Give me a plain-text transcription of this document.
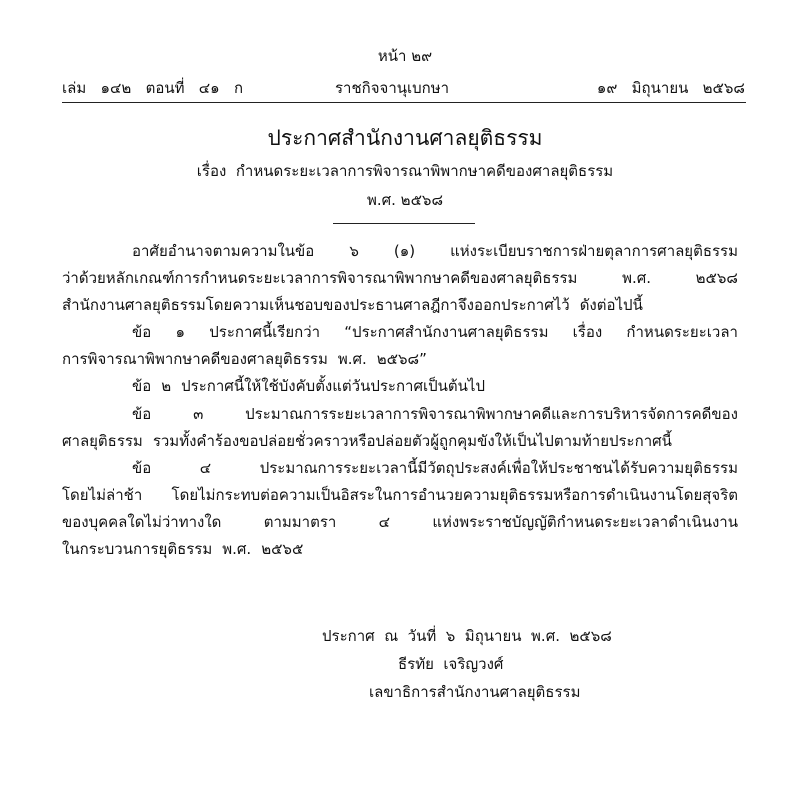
หน้า ๒๙
เล่ม   ๑๔๒   ตอนที่   ๔๑   ก	ราชกิจจานุเบกษา	๑๙   มิถุนายน   ๒๕๖๘
ประกาศสำนักงานศาลยุติธรรม
เรื่อง  กำหนดระยะเวลาการพิจารณาพิพากษาคดีของศาลยุติธรรม
พ.ศ. ๒๕๖๘
อาศัยอำนาจตามความในข้อ ๖ (๑) แห่งระเบียบราชการฝ่ายตุลาการศาลยุติธรรม
ว่าด้วยหลักเกณฑ์การกำหนดระยะเวลาการพิจารณาพิพากษาคดีของศาลยุติธรรม	พ.ศ.	๒๕๖๘
สำนักงานศาลยุติธรรมโดยความเห็นชอบของประธานศาลฎีกาจึงออกประกาศไว้ ดังต่อไปนี้
ข้อ ๑ ประกาศนี้เรียกว่า “ประกาศสำนักงานศาลยุติธรรม เรื่อง กำหนดระยะเวลา
การพิจารณาพิพากษาคดีของศาลยุติธรรม พ.ศ. ๒๕๖๘”
ข้อ ๒ ประกาศนี้ให้ใช้บังคับตั้งแต่วันประกาศเป็นต้นไป
ข้อ	๓	ประมาณการระยะเวลาการพิจารณาพิพากษาคดีและการบริหารจัดการคดีของ
ศาลยุติธรรม รวมทั้งคำร้องขอปล่อยชั่วคราวหรือปล่อยตัวผู้ถูกคุมขังให้เป็นไปตามท้ายประกาศนี้
ข้อ	๔	ประมาณการระยะเวลานี้มีวัตถุประสงค์เพื่อให้ประชาชนได้รับความยุติธรรม
โดยไม่ล่าช้า โดยไม่กระทบต่อความเป็นอิสระในการอำนวยความยุติธรรมหรือการดำเนินงานโดยสุจริต
ของบุคคลใดไม่ว่าทางใด	ตามมาตรา	๔	แห่งพระราชบัญญัติกำหนดระยะเวลาดำเนินงาน
ในกระบวนการยุติธรรม พ.ศ. ๒๕๖๕
ประกาศ  ณ  วันที่  ๖  มิถุนายน  พ.ศ.  ๒๕๖๘
ธีรทัย  เจริญวงศ์
เลขาธิการสำนักงานศาลยุติธรรม
